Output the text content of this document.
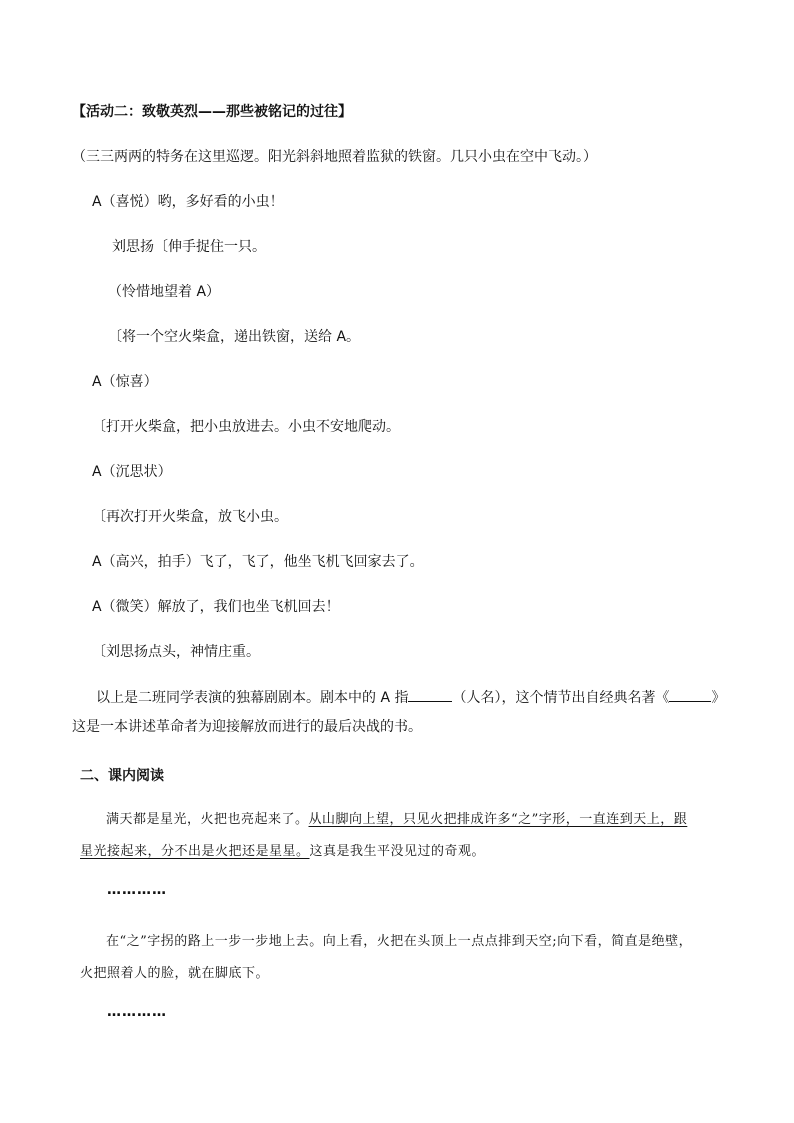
【活动二：致敬英烈——那些被铭记的过往】
（三三两两的特务在这里巡逻。阳光斜斜地照着监狱的铁窗。几只小虫在空中飞动。）
A（喜悦）哟，多好看的小虫！
刘思扬〔伸手捉住一只。
（怜惜地望着 A）
〔将一个空火柴盒，递出铁窗，送给 A。
A（惊喜）
〔打开火柴盒，把小虫放进去。小虫不安地爬动。
A（沉思状）
〔再次打开火柴盒，放飞小虫。
A（高兴，拍手）飞了，飞了，他坐飞机飞回家去了。
A（微笑）解放了，我们也坐飞机回去！
〔刘思扬点头，神情庄重。
以上是二班同学表演的独幕剧剧本。剧本中的 A 指	（人名），这个情节出自经典名著《	》
这是一本讲述革命者为迎接解放而进行的最后决战的书。
二、课内阅读
满天都是星光，火把也亮起来了。从山脚向上望，只见火把排成许多“之”字形，一直连到天上，跟
星光接起来，分不出是火把还是星星。这真是我生平没见过的奇观。
…………
在“之”字拐的路上一步一步地上去。向上看，火把在头顶上一点点排到天空;向下看，简直是绝壁，
火把照着人的脸，就在脚底下。
…………
